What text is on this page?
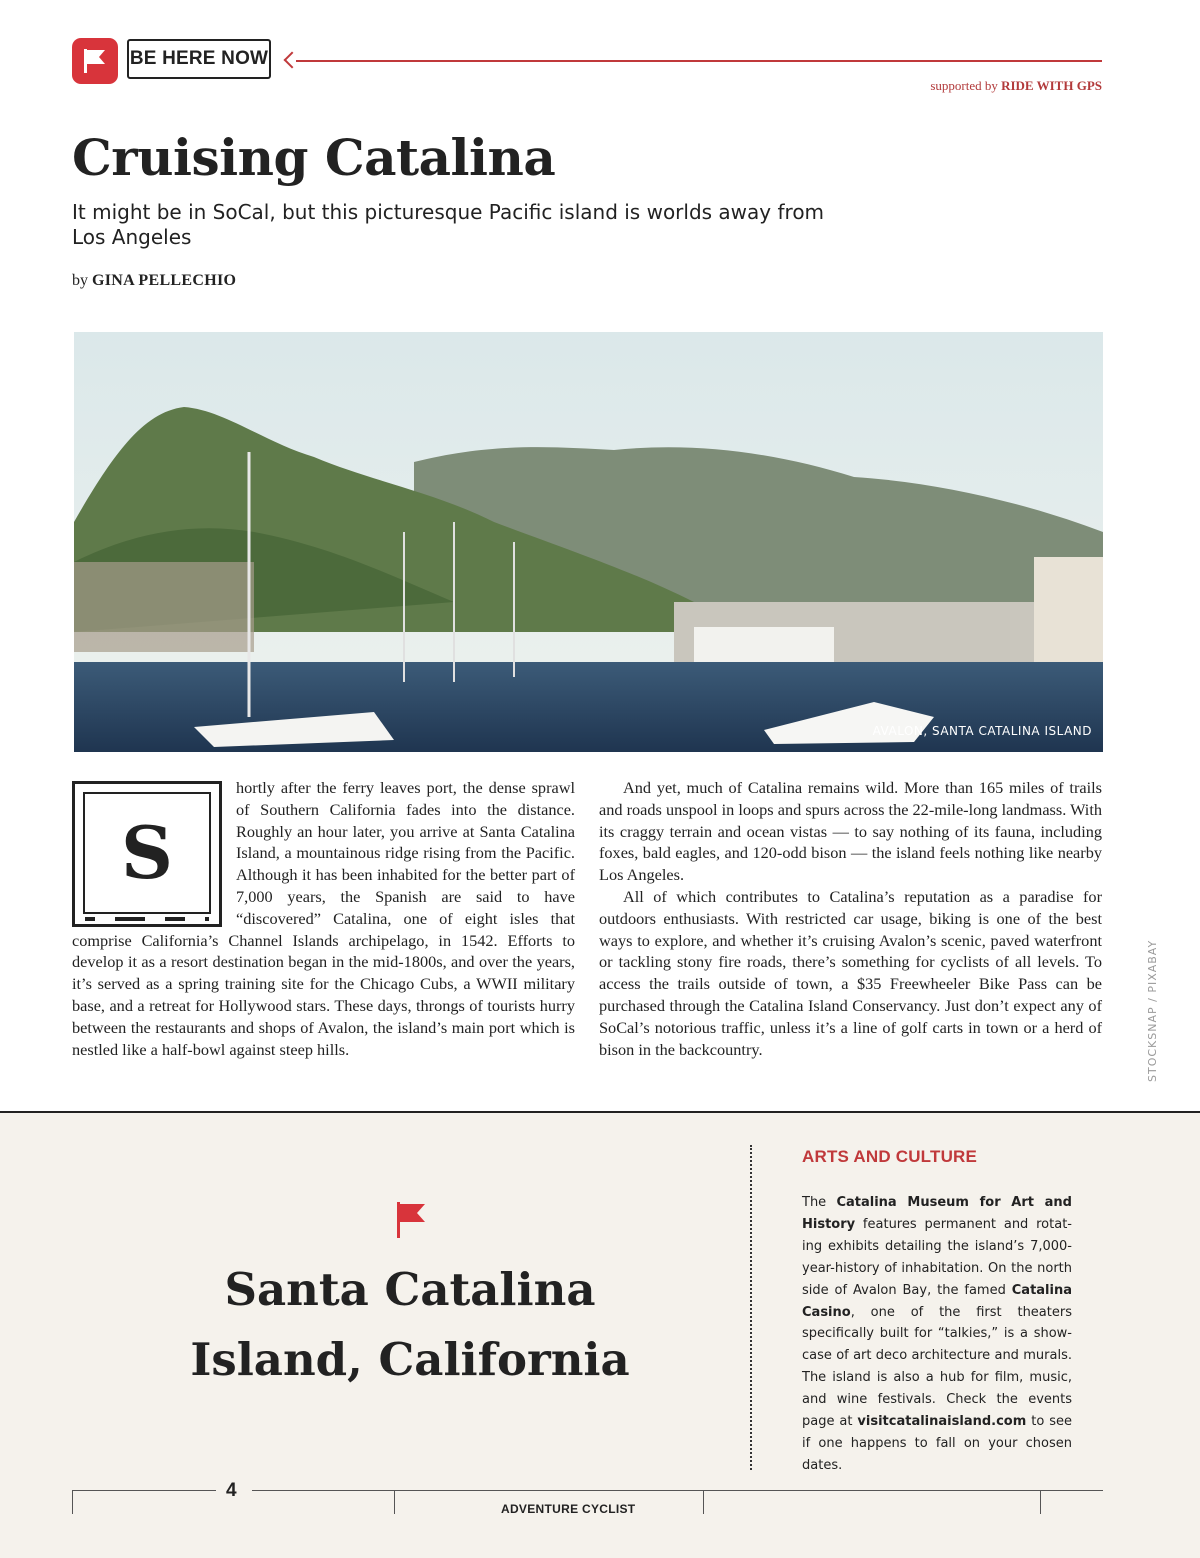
BE HERE NOW
supported by RIDE WITH GPS
Cruising Catalina
It might be in SoCal, but this picturesque Pacific island is worlds away from Los Angeles
by GINA PELLECHIO
AVALON, SANTA CATALINA ISLAND
S

hortly after the ferry leaves port, the dense sprawl of Southern California fades into the distance. Roughly an hour later, you arrive at Santa Catalina Island, a mountainous ridge rising from the Pacific. Although it has been inhabited for the better part of 7,000 years, the Spanish are said to have “discovered” Catalina, one of eight isles that comprise California’s Channel Islands archipelago, in 1542. Efforts to develop it as a resort destination began in the mid-1800s, and over the years, it’s served as a spring training site for the Chicago Cubs, a WWII military base, and a retreat for Hollywood stars. These days, throngs of tourists hurry between the restaurants and shops of Avalon, the island’s main port which is nestled like a half-bowl against steep hills.

And yet, much of Catalina remains wild. More than 165 miles of trails and roads unspool in loops and spurs across the 22-mile-long landmass. With its craggy terrain and ocean vistas — to say nothing of its fauna, including foxes, bald eagles, and 120-odd bison — the island feels nothing like nearby Los Angeles.

All of which contributes to Catalina’s reputation as a paradise for outdoors enthusiasts. With restricted car usage, biking is one of the best ways to explore, and whether it’s cruising Avalon’s scenic, paved waterfront or tackling stony fire roads, there’s something for cyclists of all levels. To access the trails outside of town, a $35 Freewheeler Bike Pass can be purchased through the Catalina Island Conservancy. Just don’t expect any of SoCal’s notorious traffic, unless it’s a line of golf carts in town or a herd of bison in the backcountry.	STOCKSNAP / PIXABAY
Santa Catalina
Island, California
ARTS AND CULTURE
The Catalina Museum for Art and History features permanent and rotating exhibits detailing the island’s 7,000-year-history of inhabitation. On the north side of Avalon Bay, the famed Catalina Casino, one of the first theaters specifically built for “talkies,” is a showcase of art deco architecture and murals. The island is also a hub for film, music, and wine festivals. Check the events page at visitcatalinaisland.com to see if one happens to fall on your chosen dates.
4
ADVENTURE CYCLIST
